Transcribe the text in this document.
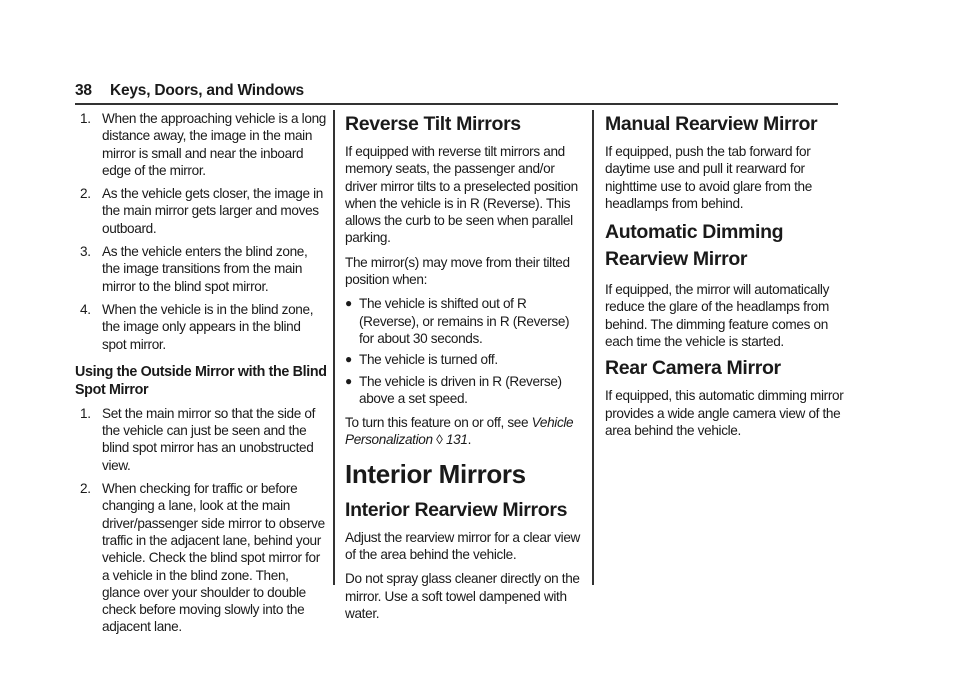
38 Keys, Doors, and Windows
1. When the approaching vehicle is a long distance away, the image in the main mirror is small and near the inboard edge of the mirror.
2. As the vehicle gets closer, the image in the main mirror gets larger and moves outboard.
3. As the vehicle enters the blind zone, the image transitions from the main mirror to the blind spot mirror.
4. When the vehicle is in the blind zone, the image only appears in the blind spot mirror.
Using the Outside Mirror with the Blind Spot Mirror
1. Set the main mirror so that the side of the vehicle can just be seen and the blind spot mirror has an unobstructed view.
2. When checking for traffic or before changing a lane, look at the main driver/passenger side mirror to observe traffic in the adjacent lane, behind your vehicle. Check the blind spot mirror for a vehicle in the blind zone. Then, glance over your shoulder to double check before moving slowly into the adjacent lane.
Reverse Tilt Mirrors

If equipped with reverse tilt mirrors and memory seats, the passenger and/or driver mirror tilts to a preselected position when the vehicle is in R (Reverse). This allows the curb to be seen when parallel parking.

The mirror(s) may move from their tilted position when:

● The vehicle is shifted out of R (Reverse), or remains in R (Reverse) for about 30 seconds.
● The vehicle is turned off.
● The vehicle is driven in R (Reverse) above a set speed.

To turn this feature on or off, see Vehicle Personalization ◊ 131.

Interior Mirrors
Interior Rearview Mirrors

Adjust the rearview mirror for a clear view of the area behind the vehicle.

Do not spray glass cleaner directly on the mirror. Use a soft towel dampened with water.

Manual Rearview Mirror

If equipped, push the tab forward for daytime use and pull it rearward for nighttime use to avoid glare from the headlamps from behind.

Automatic Dimming Rearview Mirror

If equipped, the mirror will automatically reduce the glare of the headlamps from behind. The dimming feature comes on each time the vehicle is started.

Rear Camera Mirror

If equipped, this automatic dimming mirror provides a wide angle camera view of the area behind the vehicle.
